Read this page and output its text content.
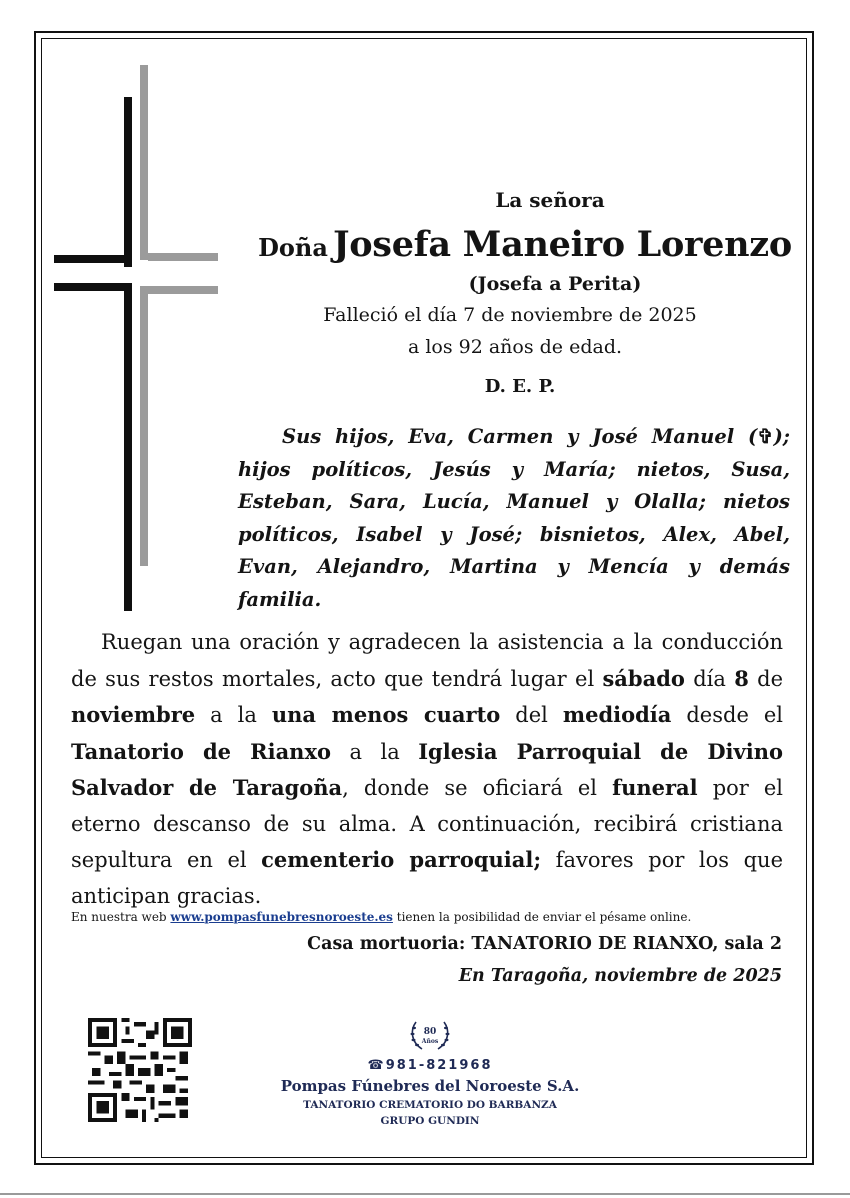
La señora
Doña Josefa Maneiro Lorenzo
(Josefa a Perita)
Falleció el día 7 de noviembre de 2025
a los 92 años de edad.
D. E. P.
Sus hijos, Eva, Carmen y José Manuel (✞); hijos políticos, Jesús y María; nietos, Susa, Esteban, Sara, Lucía, Manuel y Olalla; nietos políticos, Isabel y José; bisnietos, Alex, Abel, Evan, Alejandro, Martina y Mencía y demás familia.
Ruegan una oración y agradecen la asistencia a la conducción de sus restos mortales, acto que tendrá lugar el sábado día 8 de noviembre a la una menos cuarto del mediodía desde el Tanatorio de Rianxo a la Iglesia Parroquial de Divino Salvador de Taragoña, donde se oficiará el funeral por el eterno descanso de su alma. A continuación, recibirá cristiana sepultura en el cementerio parroquial; favores por los que anticipan gracias.
En nuestra web www.pompasfunebresnoroeste.es tienen la posibilidad de enviar el pésame online.
Casa mortuoria: TANATORIO DE RIANXO, sala 2
En Taragoña, noviembre de 2025
80
Años
☎981-821968
Pompas Fúnebres del Noroeste S.A.
TANATORIO CREMATORIO DO BARBANZA
GRUPO GUNDIN
